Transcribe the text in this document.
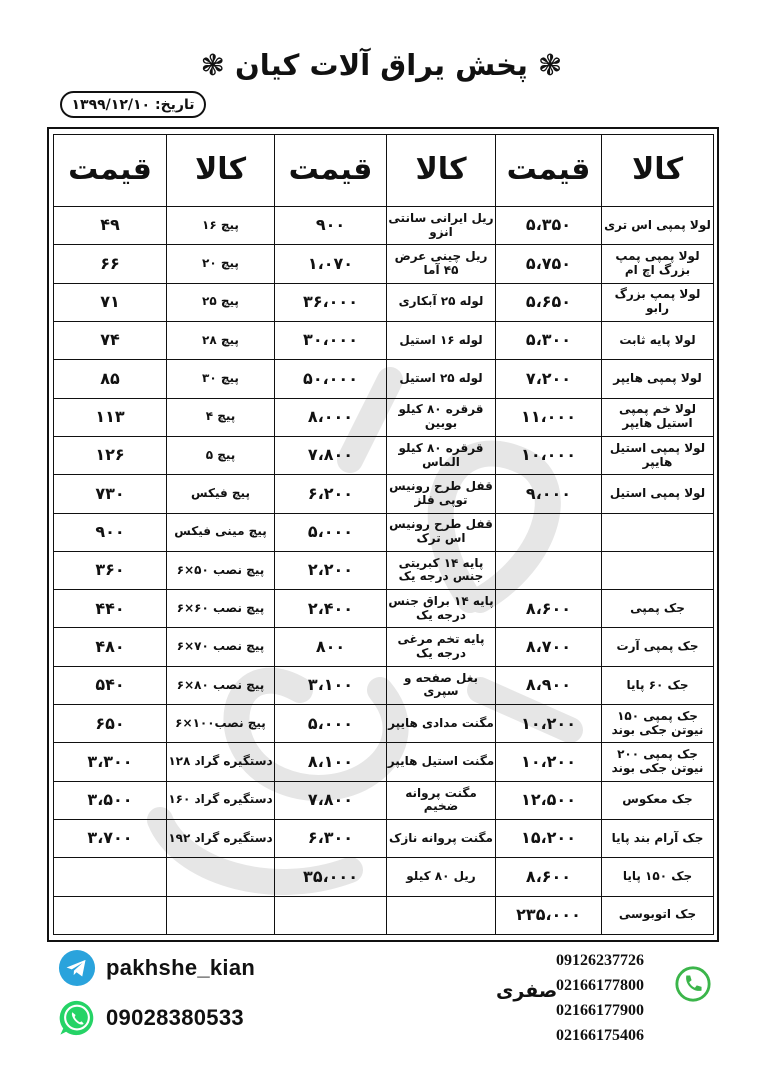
❃ پخش یراق آلات کیان ❃
تاریخ: ۱۳۹۹/۱۲/۱۰
کالا	قیمت	کالا	قیمت	کالا	قیمت
لولا پمپی اس تری	۵،۳۵۰	ریل ایرانی سانتی انزو	۹۰۰	پیچ ۱۶	۴۹
لولا پمپی پمپ بزرگ اچ ام	۵،۷۵۰	ریل چینی عرض ۴۵ آما	۱،۰۷۰	پیچ ۲۰	۶۶
لولا پمپ بزرگ رابو	۵،۶۵۰	لوله ۲۵ آبکاری	۳۶،۰۰۰	پیچ ۲۵	۷۱
لولا پایه ثابت	۵،۳۰۰	لوله ۱۶ استیل	۳۰،۰۰۰	پیچ ۲۸	۷۴
لولا پمپی هایپر	۷،۲۰۰	لوله ۲۵ استیل	۵۰،۰۰۰	پیچ ۳۰	۸۵
لولا خم پمپی استیل هایپر	۱۱،۰۰۰	قرقره ۸۰ کیلو بوبین	۸،۰۰۰	پیچ ۴	۱۱۳
لولا پمپی استیل هایپر	۱۰،۰۰۰	قرقره ۸۰ کیلو الماس	۷،۸۰۰	پیچ ۵	۱۲۶
لولا پمپی استیل	۹،۰۰۰	قفل طرح رونیس توپی فلز	۶،۲۰۰	پیچ فیکس	۷۳۰
		قفل طرح رونیس اس ترک	۵،۰۰۰	پیچ مینی فیکس	۹۰۰
		پایه ۱۴ کبریتی جنس درجه یک	۲،۲۰۰	پیچ نصب ۵۰×۶	۳۶۰
جک پمپی	۸،۶۰۰	پایه ۱۴ براق جنس درجه یک	۲،۴۰۰	پیچ نصب ۶۰×۶	۴۴۰
جک پمپی آرت	۸،۷۰۰	پایه تخم مرغی درجه یک	۸۰۰	پیچ نصب ۷۰×۶	۴۸۰
جک ۶۰ پایا	۸،۹۰۰	بغل صفحه و سپری	۳،۱۰۰	پیچ نصب ۸۰×۶	۵۴۰
جک پمپی ۱۵۰ نیوتن جکی بوند	۱۰،۲۰۰	مگنت مدادی هایپر	۵،۰۰۰	پیچ نصب۱۰۰×۶	۶۵۰
جک پمپی ۲۰۰ نیوتن جکی بوند	۱۰،۲۰۰	مگنت استیل هایپر	۸،۱۰۰	دستگیره گراد ۱۲۸	۳،۳۰۰
جک معکوس	۱۲،۵۰۰	مگنت پروانه ضخیم	۷،۸۰۰	دستگیره گراد ۱۶۰	۳،۵۰۰
جک آرام بند پایا	۱۵،۲۰۰	مگنت پروانه نازک	۶،۳۰۰	دستگیره گراد ۱۹۲	۳،۷۰۰
جک ۱۵۰ پایا	۸،۶۰۰	ریل ۸۰ کیلو	۳۵،۰۰۰		
جک اتوبوسی	۲۳۵،۰۰۰				
pakhshe_kian
09028380533
صفری
09126237726
02166177800
02166177900
02166175406
